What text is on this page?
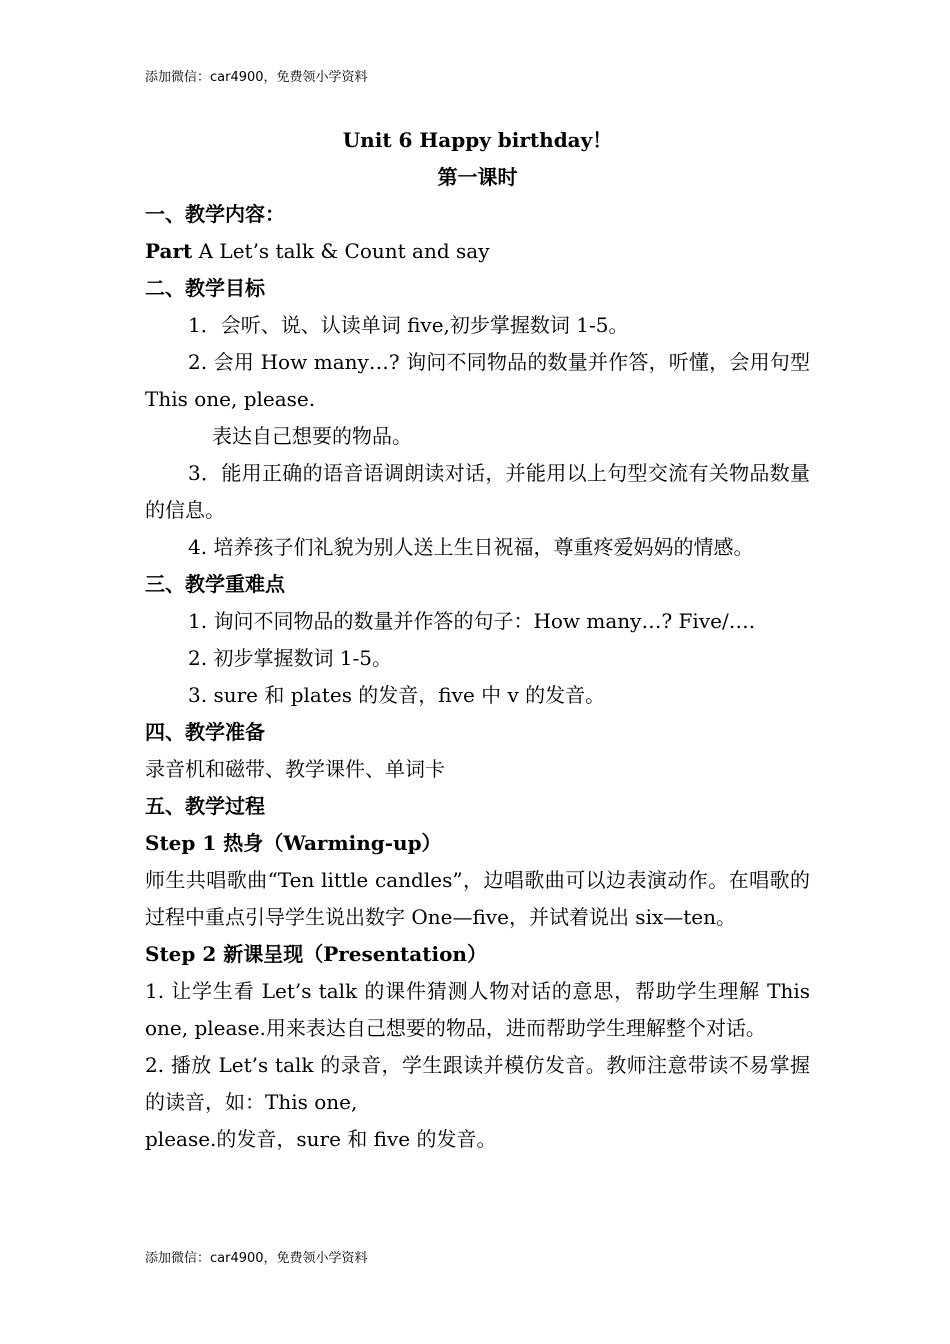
添加微信：car4900，免费领小学资料

Unit 6 Happy birthday！

第一课时

一、教学内容：

Part A Let’s talk & Count and say

二、教学目标

1．会听、说、认读单词 five,初步掌握数词 1-5。

2. 会用 How many…? 询问不同物品的数量并作答，听懂，会用句型 This one, please.

表达自己想要的物品。

3．能用正确的语音语调朗读对话，并能用以上句型交流有关物品数量的信息。

4. 培养孩子们礼貌为别人送上生日祝福，尊重疼爱妈妈的情感。

三、教学重难点

1. 询问不同物品的数量并作答的句子：How many…? Five/….

2. 初步掌握数词 1-5。

3. sure 和 plates 的发音，five 中 v 的发音。

四、教学准备

录音机和磁带、教学课件、单词卡

五、教学过程

Step 1 热身（Warming-up）

师生共唱歌曲“Ten little candles”，边唱歌曲可以边表演动作。在唱歌的过程中重点引导学生说出数字 One—five，并试着说出 six—ten。

Step 2 新课呈现（Presentation）

1. 让学生看 Let’s talk 的课件猜测人物对话的意思，帮助学生理解 This one, please.用来表达自己想要的物品，进而帮助学生理解整个对话。

2. 播放 Let’s talk 的录音，学生跟读并模仿发音。教师注意带读不易掌握的读音，如：This one,

please.的发音，sure 和 five 的发音。

添加微信：car4900，免费领小学资料
